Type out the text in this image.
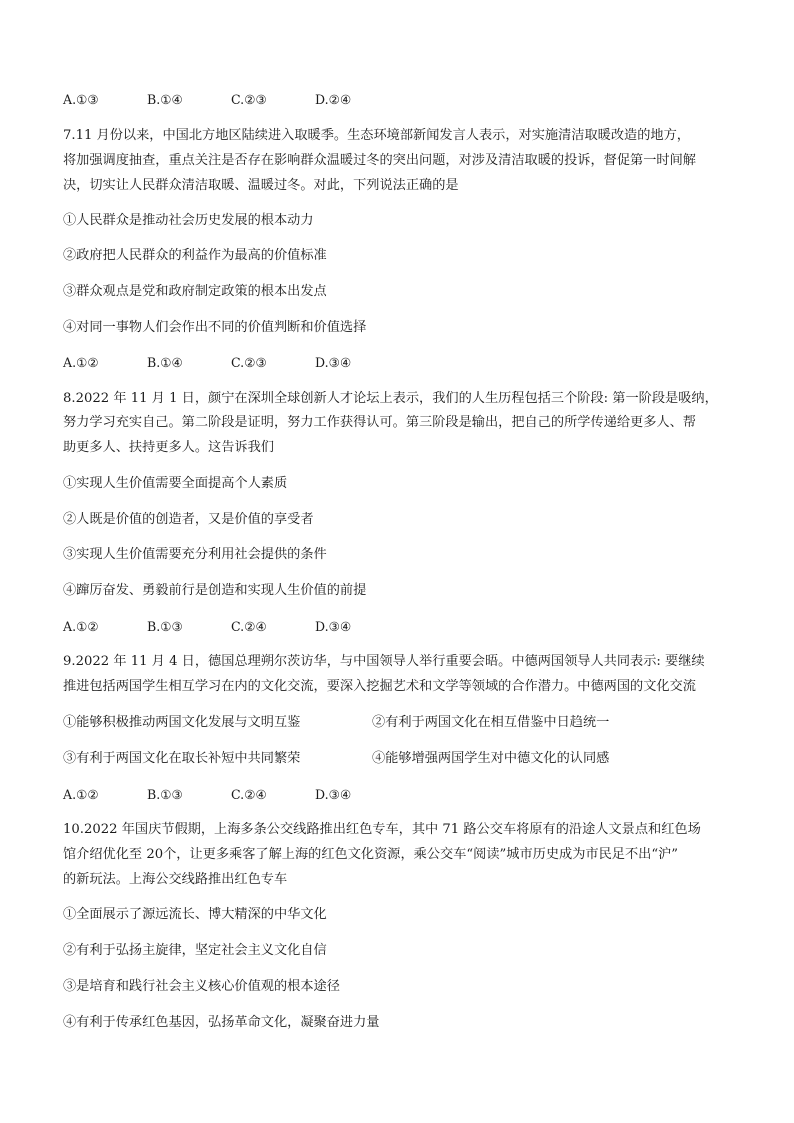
A.①③	B.①④	C.②③	D.②④
7.11 月份以来，中国北方地区陆续进入取暖季。生态环境部新闻发言人表示，对实施清洁取暖改造的地方，
将加强调度抽查，重点关注是否存在影响群众温暖过冬的突出问题，对涉及清洁取暖的投诉，督促第一时间解
决，切实让人民群众清洁取暖、温暖过冬。对此，下列说法正确的是
①人民群众是推动社会历史发展的根本动力
②政府把人民群众的利益作为最高的价值标准
③群众观点是党和政府制定政策的根本出发点
④对同一事物人们会作出不同的价值判断和价值选择
A.①②	B.①④	C.②③	D.③④
8.2022 年 11 月 1 日，颜宁在深圳全球创新人才论坛上表示，我们的人生历程包括三个阶段: 第一阶段是吸纳，
努力学习充实自己。第二阶段是证明，努力工作获得认可。第三阶段是输出，把自己的所学传递给更多人、帮
助更多人、扶持更多人。这告诉我们
①实现人生价值需要全面提高个人素质
②人既是价值的创造者，又是价值的享受者
③实现人生价值需要充分利用社会提供的条件
④蹿厉奋发、勇毅前行是创造和实现人生价值的前提
A.①②	B.①③	C.②④	D.③④
9.2022 年 11 月 4 日，德国总理朔尔茨访华，与中国领导人举行重要会晤。中德两国领导人共同表示: 要继续
推进包括两国学生相互学习在内的文化交流，要深入挖掘艺术和文学等领域的合作潜力。中德两国的文化交流
①能够积极推动两国文化发展与文明互鉴	②有利于两国文化在相互借鉴中日趋统一
③有利于两国文化在取长补短中共同繁荣	④能够增强两国学生对中德文化的认同感
A.①②	B.①③	C.②④	D.③④
10.2022 年国庆节假期，上海多条公交线路推出红色专车，其中 71 路公交车将原有的沿途人文景点和红色场
馆介绍优化至 20个，让更多乘客了解上海的红色文化资源，乘公交车“阅读”城市历史成为市民足不出“沪”
的新玩法。上海公交线路推出红色专车
①全面展示了源远流长、博大精深的中华文化
②有利于弘扬主旋律，坚定社会主义文化自信
③是培育和践行社会主义核心价值观的根本途径
④有利于传承红色基因，弘扬革命文化，凝聚奋进力量
